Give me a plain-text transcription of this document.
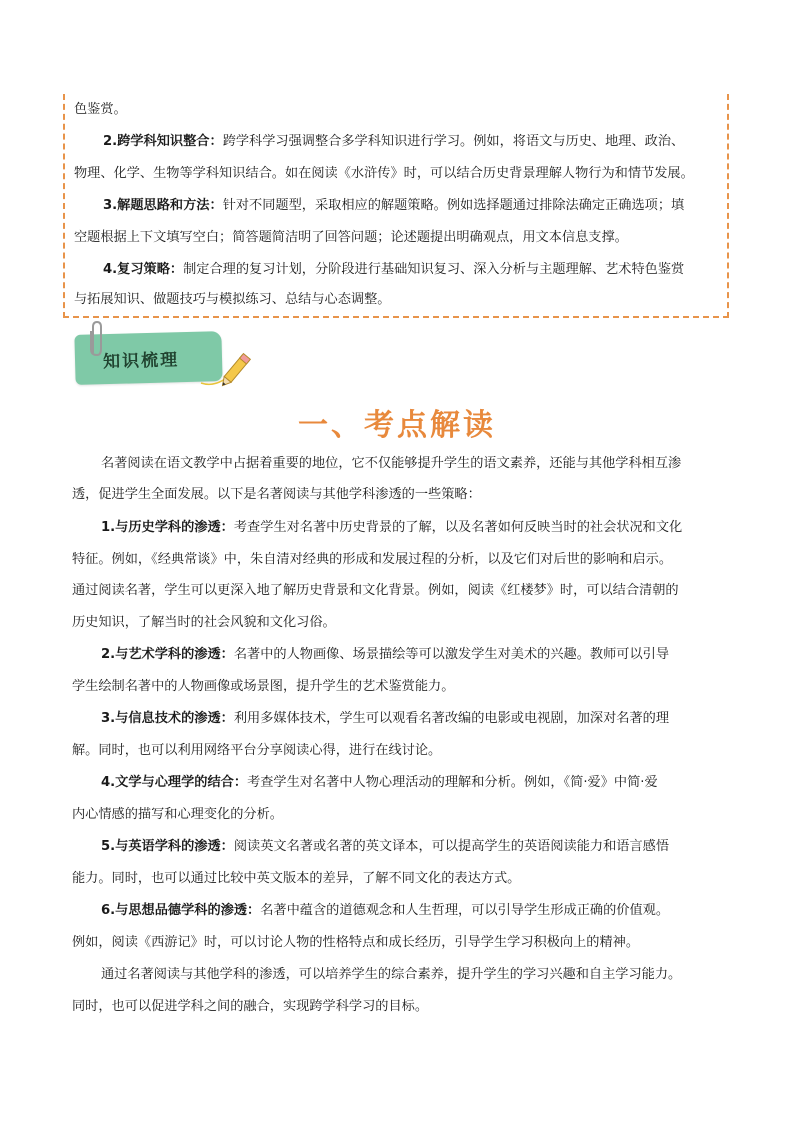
色鉴赏。

2.跨学科知识整合：跨学科学习强调整合多学科知识进行学习。例如，将语文与历史、地理、政治、

物理、化学、生物等学科知识结合。如在阅读《水浒传》时，可以结合历史背景理解人物行为和情节发展。

3.解题思路和方法：针对不同题型，采取相应的解题策略。例如选择题通过排除法确定正确选项；填

空题根据上下文填写空白；简答题简洁明了回答问题；论述题提出明确观点，用文本信息支撑。

4.复习策略：制定合理的复习计划，分阶段进行基础知识复习、深入分析与主题理解、艺术特色鉴赏

与拓展知识、做题技巧与模拟练习、总结与心态调整。

知识梳理
一、考点解读

名著阅读在语文教学中占据着重要的地位，它不仅能够提升学生的语文素养，还能与其他学科相互渗

透，促进学生全面发展。以下是名著阅读与其他学科渗透的一些策略：

1.与历史学科的渗透：考查学生对名著中历史背景的了解，以及名著如何反映当时的社会状况和文化

特征。例如，《经典常谈》中，朱自清对经典的形成和发展过程的分析，以及它们对后世的影响和启示。

通过阅读名著，学生可以更深入地了解历史背景和文化背景。例如，阅读《红楼梦》时，可以结合清朝的

历史知识，了解当时的社会风貌和文化习俗。

2.与艺术学科的渗透：名著中的人物画像、场景描绘等可以激发学生对美术的兴趣。教师可以引导

学生绘制名著中的人物画像或场景图，提升学生的艺术鉴赏能力。

3.与信息技术的渗透：利用多媒体技术，学生可以观看名著改编的电影或电视剧，加深对名著的理

解。同时，也可以利用网络平台分享阅读心得，进行在线讨论。

4.文学与心理学的结合：考查学生对名著中人物心理活动的理解和分析。例如，《简·爱》中简·爱

内心情感的描写和心理变化的分析。

5.与英语学科的渗透：阅读英文名著或名著的英文译本，可以提高学生的英语阅读能力和语言感悟

能力。同时，也可以通过比较中英文版本的差异，了解不同文化的表达方式。

6.与思想品德学科的渗透：名著中蕴含的道德观念和人生哲理，可以引导学生形成正确的价值观。

例如，阅读《西游记》时，可以讨论人物的性格特点和成长经历，引导学生学习积极向上的精神。

通过名著阅读与其他学科的渗透，可以培养学生的综合素养，提升学生的学习兴趣和自主学习能力。

同时，也可以促进学科之间的融合，实现跨学科学习的目标。
